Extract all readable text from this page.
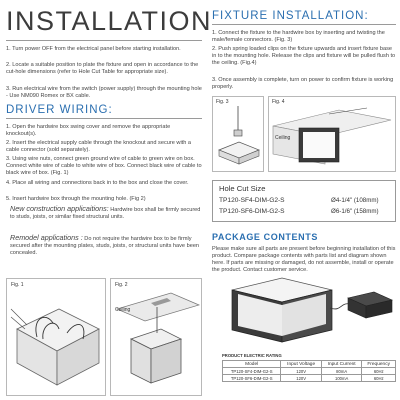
INSTALLATION
1. Turn power OFF from the electrical panel before starting installation.
2. Locate a suitable position to plate the fixture and open in accordance to the cut-hole dimensions (refer to Hole Cut Table for appropriate size).
3. Run electrical wire from the switch (power supply) through the mounting hole - Use NM090 Romex or BX cable.
DRIVER WIRING:
1. Open the hardwire box swing cover and remove the appropriate knockout(s).
2. Insert the electrical supply cable through the knockout and secure with a cable connector (sold separately).
3. Using wire nuts, connect green ground wire of cable to green wire on box. Connect white wire of cable to white wire of box. Connect black wire of cable to black wire of box. (Fig. 1)
4. Place all wiring and connections back in to the box and close the cover.
5. Insert hardwire box through the mounting hole. (Fig 2)
New construction applicaitions: Hardwire box shall be firmly secured to studs, joists, or similar fixed structural units.
Remodel applications : Do not require the hardwire box to be firmly secured after the mounting plates, studs, joists, or structural units have been concealed.
Fig. 1	Fig. 2
Ceiling
FIXTURE INSTALLATION:
1. Connect the fixture to the hardwire box by inserting and twisting the male/female connectors. (Fig. 3)
2. Push spring loaded clips on the fixture upwards and insert fixture base in to the mounting hole. Release the clips and fixture will be pulled flush to the ceiling. (Fig.4)
3. Once assembly is complete, turn on power to confirm fixture is working properly.
Fig. 3	Fig. 4
Ceiling
Hole Cut Size
TP120-SF4-DIM-G2-S	Ø4-1/4" (108mm)
TP120-SF6-DIM-G2-S	Ø6-1/6" (158mm)
PACKAGE CONTENTS
Please make sure all parts are present before beginning installation of this product. Compare package contents with parts list and diagram shown here. If parts are missing or damaged, do not assemble, install or operate the product. Contact customer service.
PRODUCT ELECTRIC RATING
Model	Input Voltage	Input Current	Frequency
TP120-SF4-DIM-G2-S	120V	80mA	60Hz
TP120-SF6-DIM-G2-S	120V	100mA	60Hz
